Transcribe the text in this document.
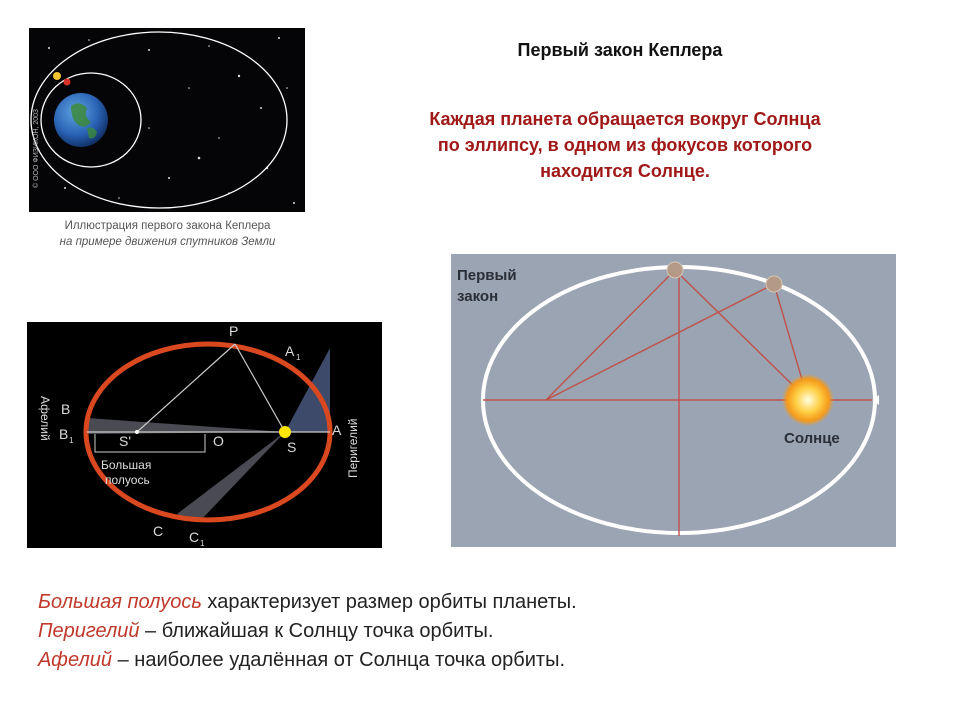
© ООО ФИЗИКОН, 2003
Иллюстрация первого закона Кеплера
на примере движения спутников Земли
Первый закон Кеплера
Каждая планета обращается вокруг Солнца
по эллипсу, в одном из фокусов которого
находится Солнце.
P
A 1
A
B
B 1	S'	O	S
C C 1
Большая
полуось
Афелий
Перигелий
Первый
закон
Солнце
Большая полуось характеризует размер орбиты планеты.
Перигелий – ближайшая к Солнцу точка орбиты.
Афелий – наиболее удалённая от Солнца точка орбиты.
